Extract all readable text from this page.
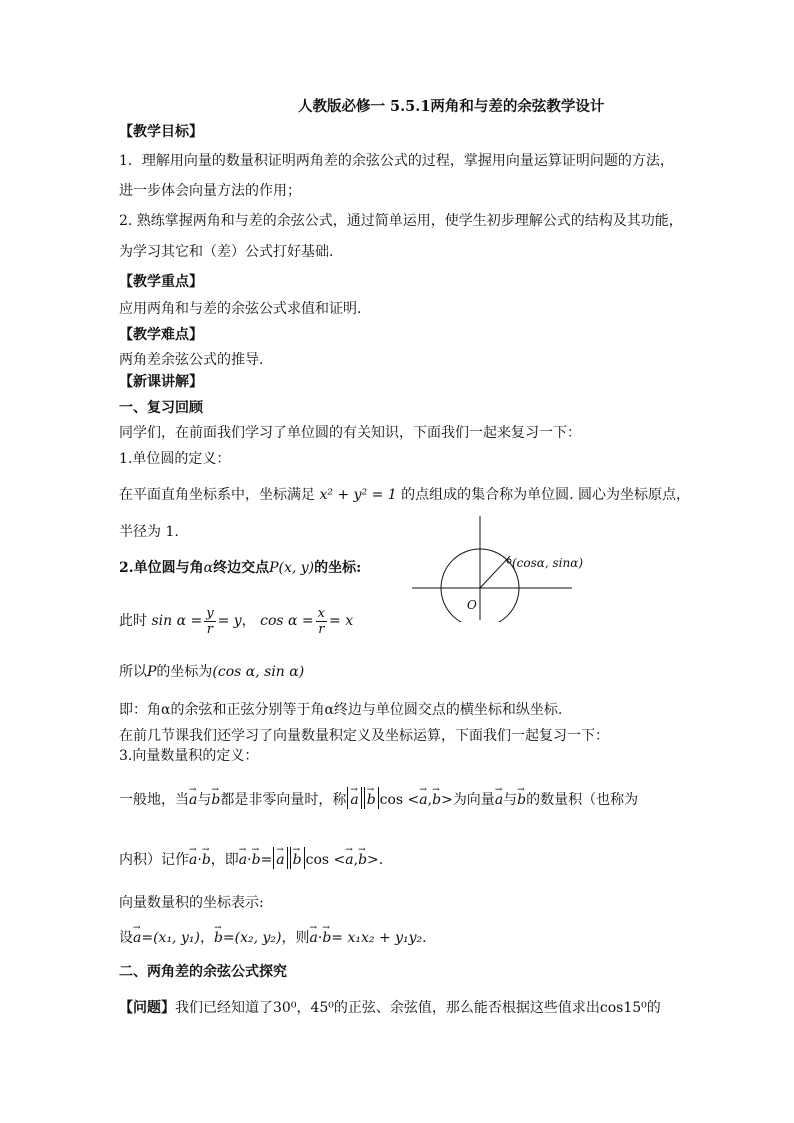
人教版必修一 5.5.1两角和与差的余弦教学设计
【教学目标】
1．理解用向量的数量积证明两角差的余弦公式的过程，掌握用向量运算证明问题的方法，
进一步体会向量方法的作用；
2. 熟练掌握两角和与差的余弦公式，通过简单运用，使学生初步理解公式的结构及其功能，
为学习其它和（差）公式打好基础.
【教学重点】
应用两角和与差的余弦公式求值和证明.
【教学难点】
两角差余弦公式的推导.
【新课讲解】
一、复习回顾
同学们，在前面我们学习了单位圆的有关知识，下面我们一起来复习一下：
1.单位圆的定义：
在平面直角坐标系中，坐标满足 x² + y² = 1 的点组成的集合称为单位圆. 圆心为坐标原点，
半径为 1.
2.单位圆与角α终边交点P(x, y)的坐标:
此时 $\sin \alpha = \frac{y}{r} = y$， $\cos \alpha = \frac{x}{r} = x$
所以P的坐标为(cos α, sin α)
即：角α的余弦和正弦分别等于角α终边与单位圆交点的横坐标和纵坐标.
在前几节课我们还学习了向量数量积定义及坐标运算，下面我们一起复习一下：
3.向量数量积的定义：
一般地，当→ a与→ b都是非零向量时，称 → a → b cos <→ a,→ b>为向量→ a与→ b的数量积（也称为
内积）记作→ a·→ b，即→ a·→ b= → a → b cos <→ a,→ b>.
向量数量积的坐标表示:
设→ a=(x₁, y₁)，→ b=(x₂, y₂)，则→ a·→ b= x₁x₂ + y₁y₂.
二、两角差的余弦公式探究
【问题】我们已经知道了30⁰，45⁰的正弦、余弦值，那么能否根据这些值求出cos15⁰的
(cosα, sinα)
O
